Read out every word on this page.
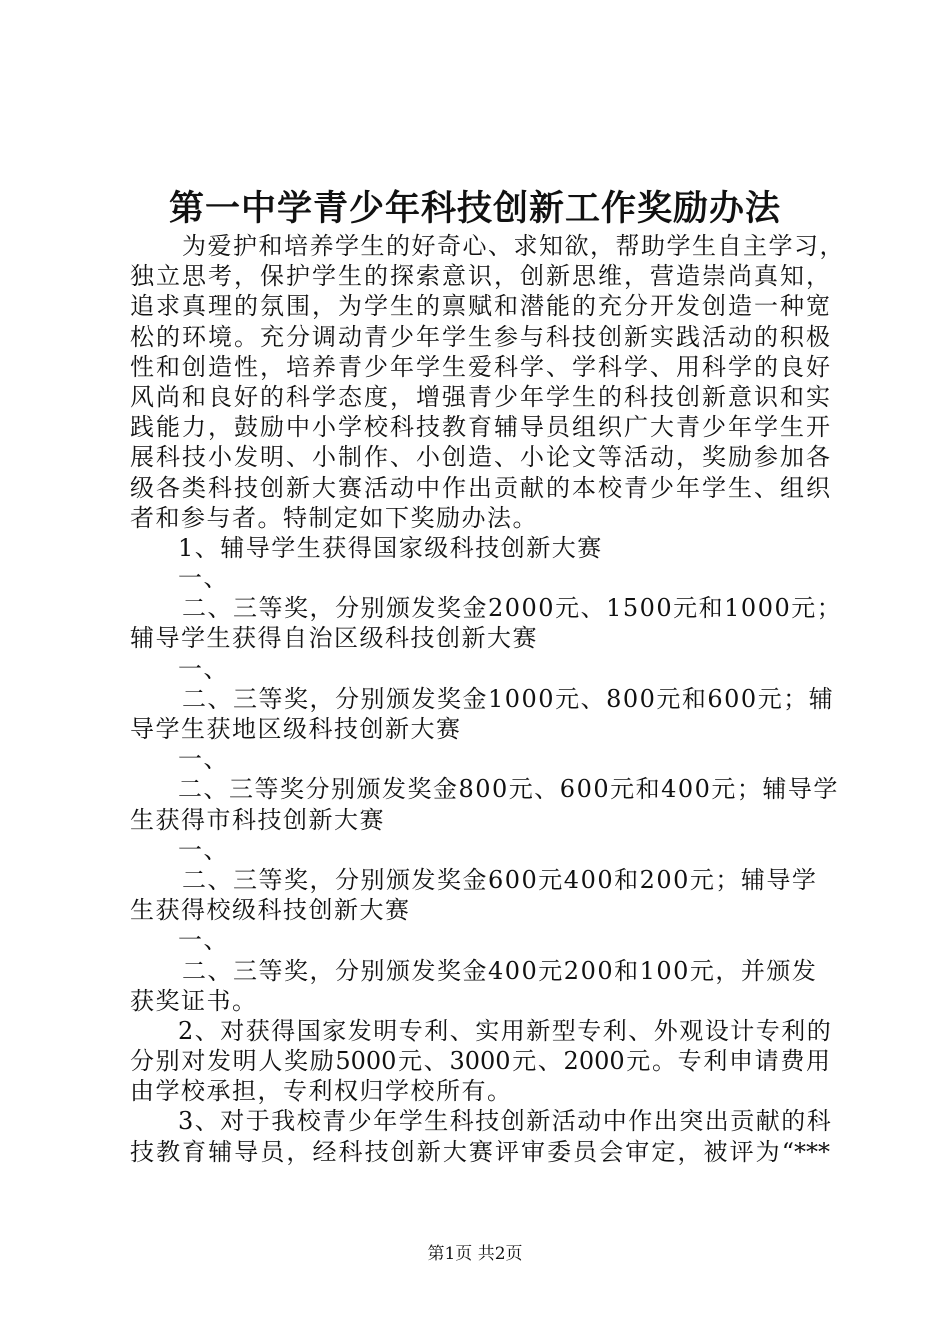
第一中学青少年科技创新工作奖励办法
为爱护和培养学生的好奇心、求知欲，帮助学生自主学习，
独立思考，保护学生的探索意识，创新思维，营造崇尚真知，
追求真理的氛围，为学生的禀赋和潜能的充分开发创造一种宽
松的环境。充分调动青少年学生参与科技创新实践活动的积极
性和创造性，培养青少年学生爱科学、学科学、用科学的良好
风尚和良好的科学态度，增强青少年学生的科技创新意识和实
践能力，鼓励中小学校科技教育辅导员组织广大青少年学生开
展科技小发明、小制作、小创造、小论文等活动，奖励参加各
级各类科技创新大赛活动中作出贡献的本校青少年学生、组织
者和参与者。特制定如下奖励办法。
1、辅导学生获得国家级科技创新大赛
一、
二、三等奖，分别颁发奖金2000元、1500元和1000元；
辅导学生获得自治区级科技创新大赛
一、
二、三等奖，分别颁发奖金1000元、800元和600元；辅
导学生获地区级科技创新大赛
一、
二、三等奖分别颁发奖金800元、600元和400元；辅导学
生获得市科技创新大赛
一、
二、三等奖，分别颁发奖金600元400和200元；辅导学
生获得校级科技创新大赛
一、
二、三等奖，分别颁发奖金400元200和100元，并颁发
获奖证书。
2、对获得国家发明专利、实用新型专利、外观设计专利的
分别对发明人奖励5000元、3000元、2000元。专利申请费用
由学校承担，专利权归学校所有。
3、对于我校青少年学生科技创新活动中作出突出贡献的科
技教育辅导员，经科技创新大赛评审委员会审定，被评为“***
第1页 共2页
